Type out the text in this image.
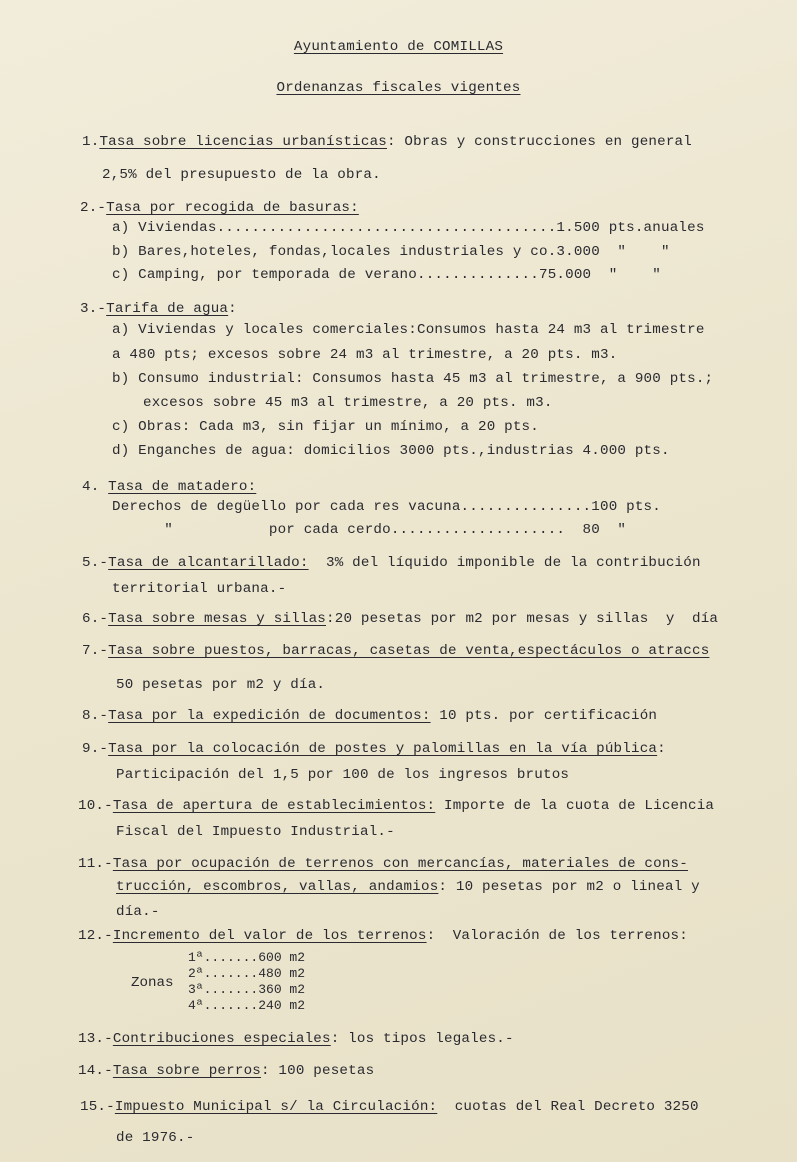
Ayuntamiento de COMILLAS
Ordenanzas fiscales vigentes
1.Tasa sobre licencias urbanísticas: Obras y construcciones en general
2,5% del presupuesto de la obra.
2.-Tasa por recogida de basuras:
a) Viviendas.......................................1.500 pts.anuales
b) Bares,hoteles, fondas,locales industriales y co.3.000  "    "
c) Camping, por temporada de verano..............75.000  "    "
3.-Tarifa de agua:
a) Viviendas y locales comerciales:Consumos hasta 24 m3 al trimestre
a 480 pts; excesos sobre 24 m3 al trimestre, a 20 pts. m3.
b) Consumo industrial: Consumos hasta 45 m3 al trimestre, a 900 pts.;
excesos sobre 45 m3 al trimestre, a 20 pts. m3.
c) Obras: Cada m3, sin fijar un mínimo, a 20 pts.
d) Enganches de agua: domicilios 3000 pts.,industrias 4.000 pts.
4. Tasa de matadero:
Derechos de degüello por cada res vacuna...............100 pts.
"           por cada cerdo....................  80  "
5.-Tasa de alcantarillado:  3% del líquido imponible de la contribución
territorial urbana.-
6.-Tasa sobre mesas y sillas:20 pesetas por m2 por mesas y sillas  y  día
7.-Tasa sobre puestos, barracas, casetas de venta,espectáculos o atraccs
50 pesetas por m2 y día.
8.-Tasa por la expedición de documentos: 10 pts. por certificación
9.-Tasa por la colocación de postes y palomillas en la vía pública:
Participación del 1,5 por 100 de los ingresos brutos
10.-Tasa de apertura de establecimientos: Importe de la cuota de Licencia
Fiscal del Impuesto Industrial.-
11.-Tasa por ocupación de terrenos con mercancías, materiales de cons-
trucción, escombros, vallas, andamios: 10 pesetas por m2 o lineal y
día.-
12.-Incremento del valor de los terrenos:  Valoración de los terrenos:
Zonas
1ª.......600 m2
2ª.......480 m2
3ª.......360 m2
4ª.......240 m2
13.-Contribuciones especiales: los tipos legales.-
14.-Tasa sobre perros: 100 pesetas
15.-Impuesto Municipal s/ la Circulación:  cuotas del Real Decreto 3250
de 1976.-
